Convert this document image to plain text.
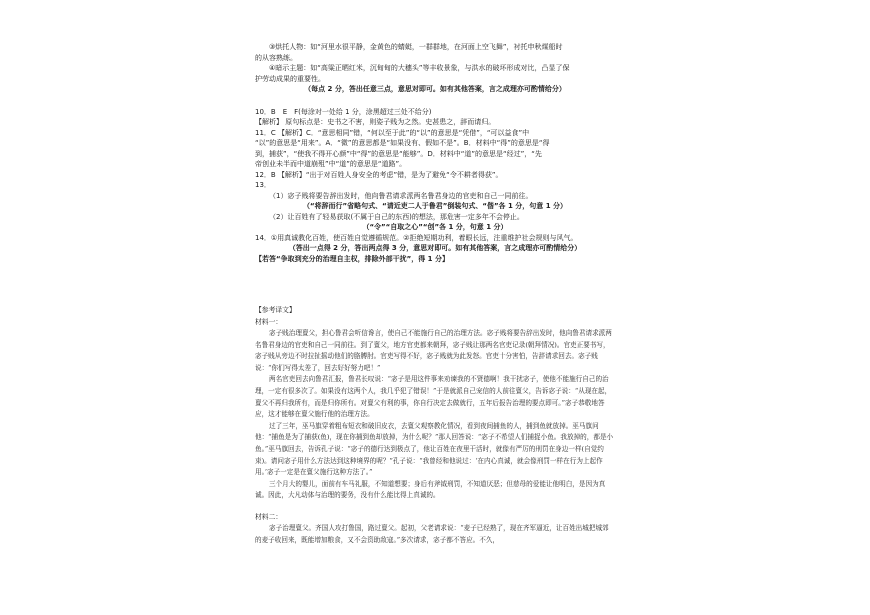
③烘托人物：如“河里水很平静，金黄色的蜻蜓，一群群地，在河面上空飞舞”，衬托申秋煤船时

的从容熟练。

④暗示主题：如“高粱正晒红米，沉甸甸的大穗头”等丰收景象，与洪水的破坏形成对比，凸显了保

护劳动成果的重要性。

（每点 2 分，答出任意三点，意思对即可。如有其他答案，言之成理亦可酌情给分）

10．B　E　F(每涂对一处给 1 分，涂黑超过三处不给分)

【解析】 原句标点是：史书之不害，则姿子贱为之然。史甚患之，辞而请归。

11．C 【解析】C．“意思相同”错，“何以至于此”的“以”的意思是“凭借”，“可以益食”中

“以”的意思是“用来”。A．“微”的意思都是“如果没有、假如不是”。B．材料中“得”的意思是“得

到，捕获”，“使我不得开心颜”中“得”的意思是“能够”。D．材料中“道”的意思是“经过”，“先

帝创业未半而中道崩殂”中“道”的意思是“道路”。

12．B 【解析】“出于对百姓人身安全的考虑”错，是为了避免“令不耕者得获”。

13．

（1）宓子贱将要告辞出发时，他向鲁君请求派两名鲁君身边的官吏和自己一同前往。

（“将辞而行”省略句式、“请近吏二人于鲁君”倒装句式、“偕”各 1 分，句意 1 分）

（2）让百姓有了轻易获取(不属于自己的东西)的想法，那危害一定多年不会停止。

（“令”“自取之心”“创”各 1 分，句意 1 分）

14．①用真诚教化百姓，使百姓自觉遵循规范。②拒绝短期功利，着眼长远，注重维护社会规则与风气。

（答出一点得 2 分，答出两点得 3 分，意思对即可。如有其他答案，言之成理亦可酌情给分）

【若答“争取到充分的治理自主权，排除外部干扰”，得 1 分】

【参考译文】

材料一：

宓子贱治理亶父，担心鲁君会听信谗言，使自己不能施行自己的治理方法。宓子贱将要告辞出发时，他向鲁君请求派两名鲁君身边的官吏和自己一同前往。到了亶父，地方官吏都来朝拜，宓子贱让那两名官吏记录(朝拜情况)。官吏正要书写，宓子贱从旁边不时拉扯摇动他们的胳膊肘。官吏写得不好，宓子贱就为此发怒。官吏十分害怕，告辞请求回去。宓子贱说：“你们写得太差了，回去好好努力吧！”

两名官吏回去向鲁君汇报，鲁君长叹说：“宓子是用这件事来劝谏我的不贤德啊！我干扰宓子，使他不能施行自己的治理，一定有很多次了。如果没有这两个人，我几乎犯了错误！”于是就派自己宠信的人前往亶父，告诉宓子说：“从现在起，亶父不再归我所有，而是归你所有。对亶父有利的事，你自行决定去做就行，五年后报告治理的要点即可。”宓子恭敬地答应，这才能够在亶父施行他的治理方法。

过了三年，巫马旗穿着粗布短衣和破旧皮衣，去亶父观察教化情况，看到夜间捕鱼的人，捕到鱼就放掉。巫马旗问他：“捕鱼是为了捕获(鱼)，现在你捕到鱼却放掉，为什么呢？”那人回答说：“宓子不希望人们捕捉小鱼。我放掉的，都是小鱼。”巫马旗回去，告诉孔子说：“宓子的德行达到极点了，他让百姓在夜里干活时，就像有严厉的刑罚在身边一样(自觉约束)。请问宓子用什么方法达到这种境界的呢？”孔子说：“我曾经和他说过：‘在内心真诚，就会像刑罚一样在行为上起作用。’宓子一定是在亶父施行这种方法了。”

三个月大的婴儿，面前有车马礼服，不知道想要；身后有斧钺刑罚，不知道厌恶；但慈母的爱能让他明白，是因为真诚。因此，大凡动体与治理的要务，没有什么能比得上真诚的。

材料二：

宓子治理亶父。齐国人攻打鲁国，路过亶父。起初，父老请求说：“麦子已经熟了，现在齐军逼近，让百姓出城把城郊的麦子收回来，既能增加粮食，又不会资助敌寇。”多次请求，宓子都不答应。不久，
